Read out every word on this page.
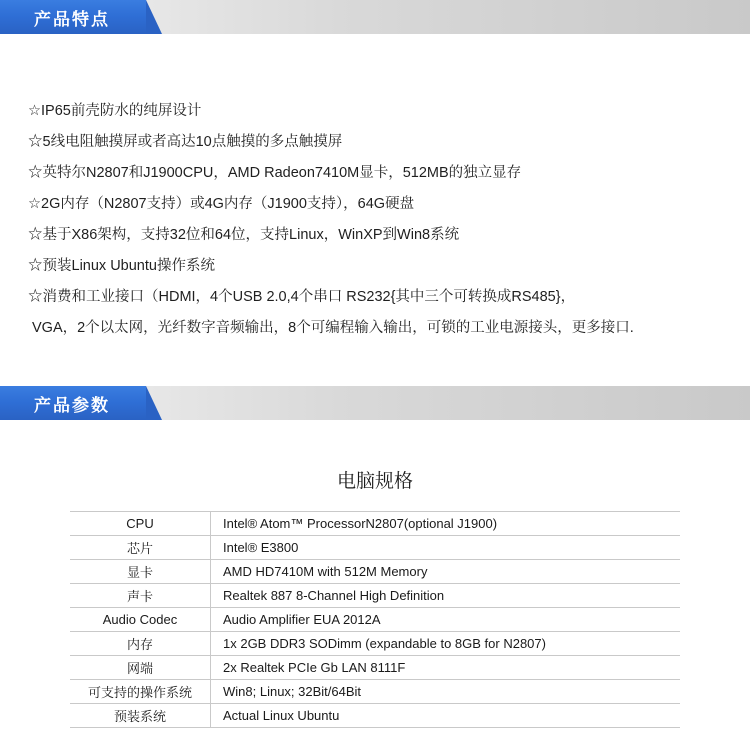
产品特点
☆IP65前壳防水的纯屏设计
☆5线电阻触摸屏或者高达10点触摸的多点触摸屏
☆英特尔N2807和J1900CPU，AMD Radeon7410M显卡，512MB的独立显存
☆2G内存（N2807支持）或4G内存（J1900支持），64G硬盘
☆基于X86架构，支持32位和64位，支持Linux，WinXP到Win8系统
☆预装Linux Ubuntu操作系统
☆消费和工业接口（HDMI，4个USB 2.0,4个串口 RS232{其中三个可转换成RS485}，
VGA，2个以太网，光纤数字音频输出，8个可编程输入输出，可锁的工业电源接头，更多接口.
产品参数
电脑规格
CPU	Intel® Atom™ ProcessorN2807(optional J1900)
芯片	Intel® E3800
显卡	AMD HD7410M with 512M Memory
声卡	Realtek 887 8-Channel High Definition
Audio Codec	Audio Amplifier EUA 2012A
内存	1x 2GB DDR3 SODimm (expandable to 8GB for N2807)
网端	2x Realtek PCIe Gb LAN 8111F
可支持的操作系统	Win8; Linux; 32Bit/64Bit
预装系统	Actual Linux Ubuntu
